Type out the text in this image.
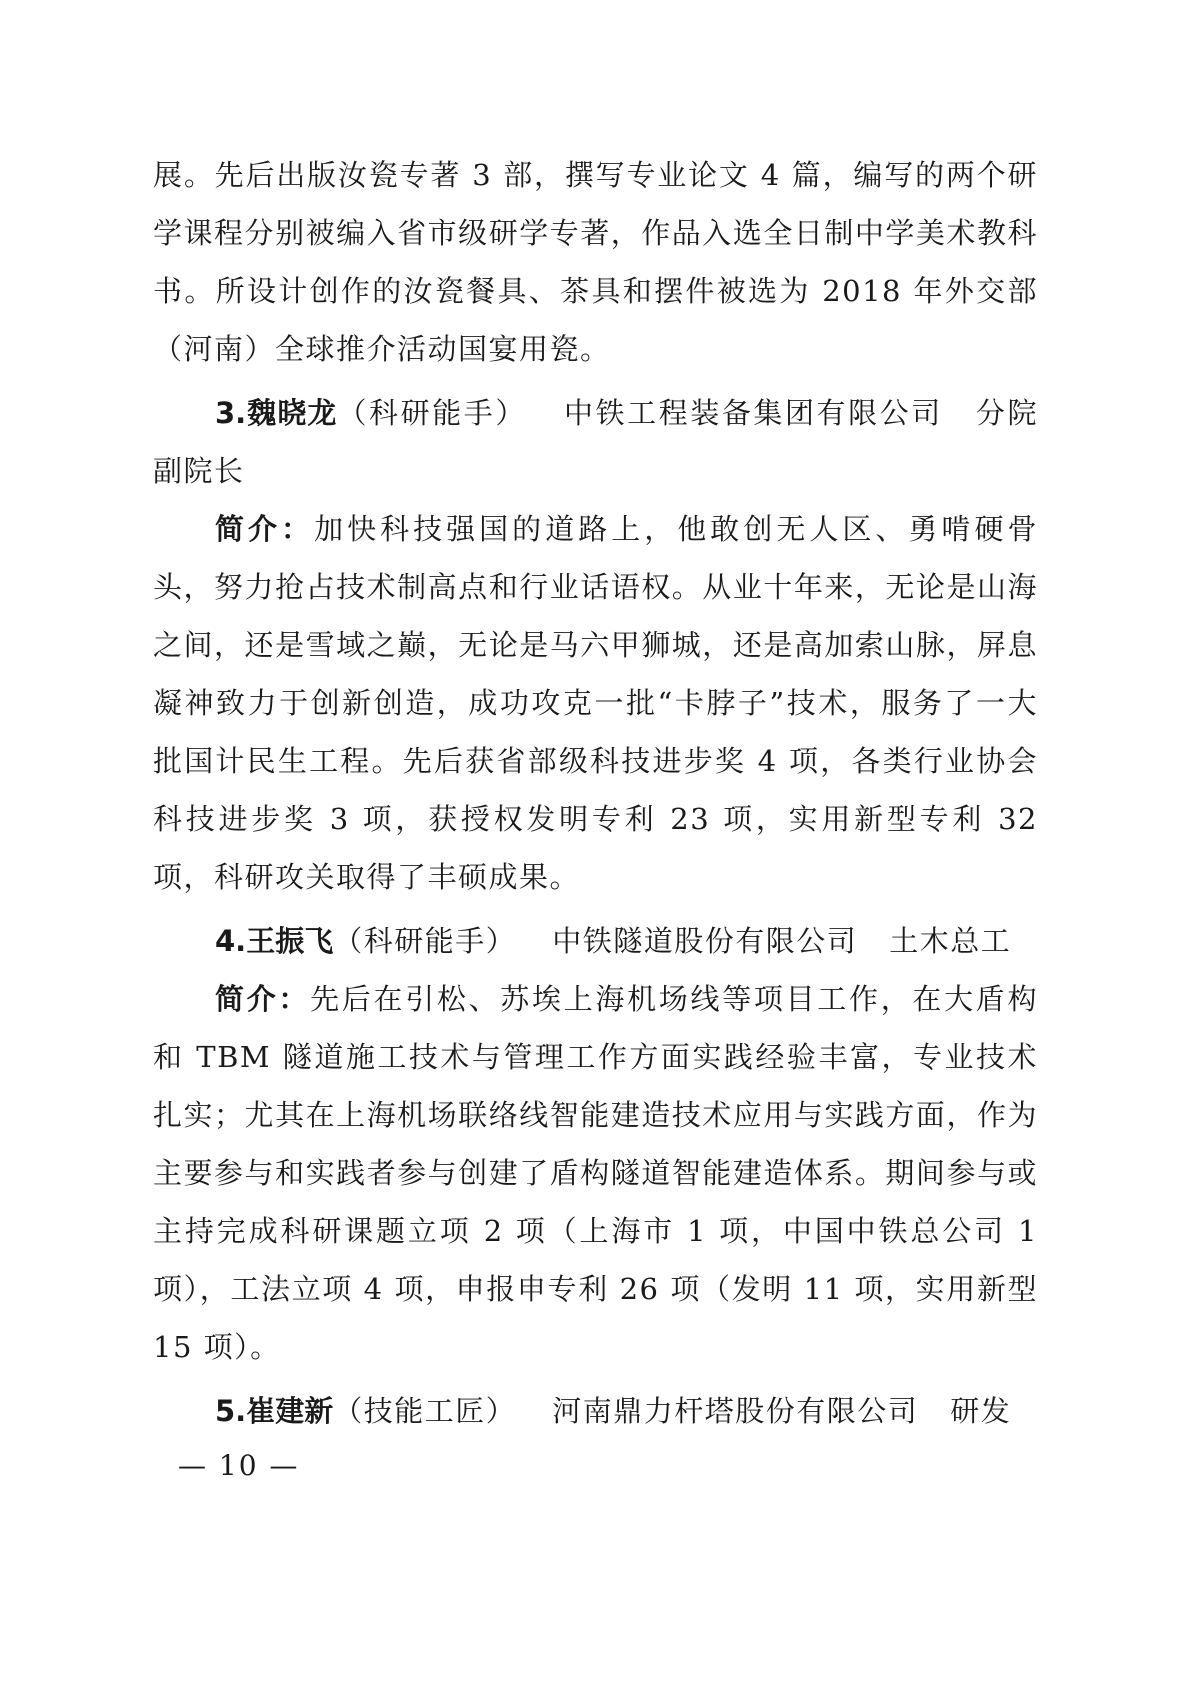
展。先后出版汝瓷专著 3 部，撰写专业论文 4 篇，编写的两个研学课程分别被编入省市级研学专著，作品入选全日制中学美术教科书。所设计创作的汝瓷餐具、茶具和摆件被选为 2018 年外交部（河南）全球推介活动国宴用瓷。

3.魏晓龙（科研能手） 中铁工程装备集团有限公司 分院副院长

简介：加快科技强国的道路上，他敢创无人区、勇啃硬骨头，努力抢占技术制高点和行业话语权。从业十年来，无论是山海之间，还是雪域之巅，无论是马六甲狮城，还是高加索山脉，屏息凝神致力于创新创造，成功攻克一批“卡脖子”技术，服务了一大批国计民生工程。先后获省部级科技进步奖 4 项，各类行业协会科技进步奖 3 项，获授权发明专利 23 项，实用新型专利 32 项，科研攻关取得了丰硕成果。

4.王振飞（科研能手） 中铁隧道股份有限公司 土木总工

简介：先后在引松、苏埃上海机场线等项目工作，在大盾构和 TBM 隧道施工技术与管理工作方面实践经验丰富，专业技术扎实；尤其在上海机场联络线智能建造技术应用与实践方面，作为主要参与和实践者参与创建了盾构隧道智能建造体系。期间参与或主持完成科研课题立项 2 项（上海市 1 项，中国中铁总公司 1 项），工法立项 4 项，申报申专利 26 项（发明 11 项，实用新型 15 项）。

5.崔建新（技能工匠） 河南鼎力杆塔股份有限公司 研发

— 10 —
